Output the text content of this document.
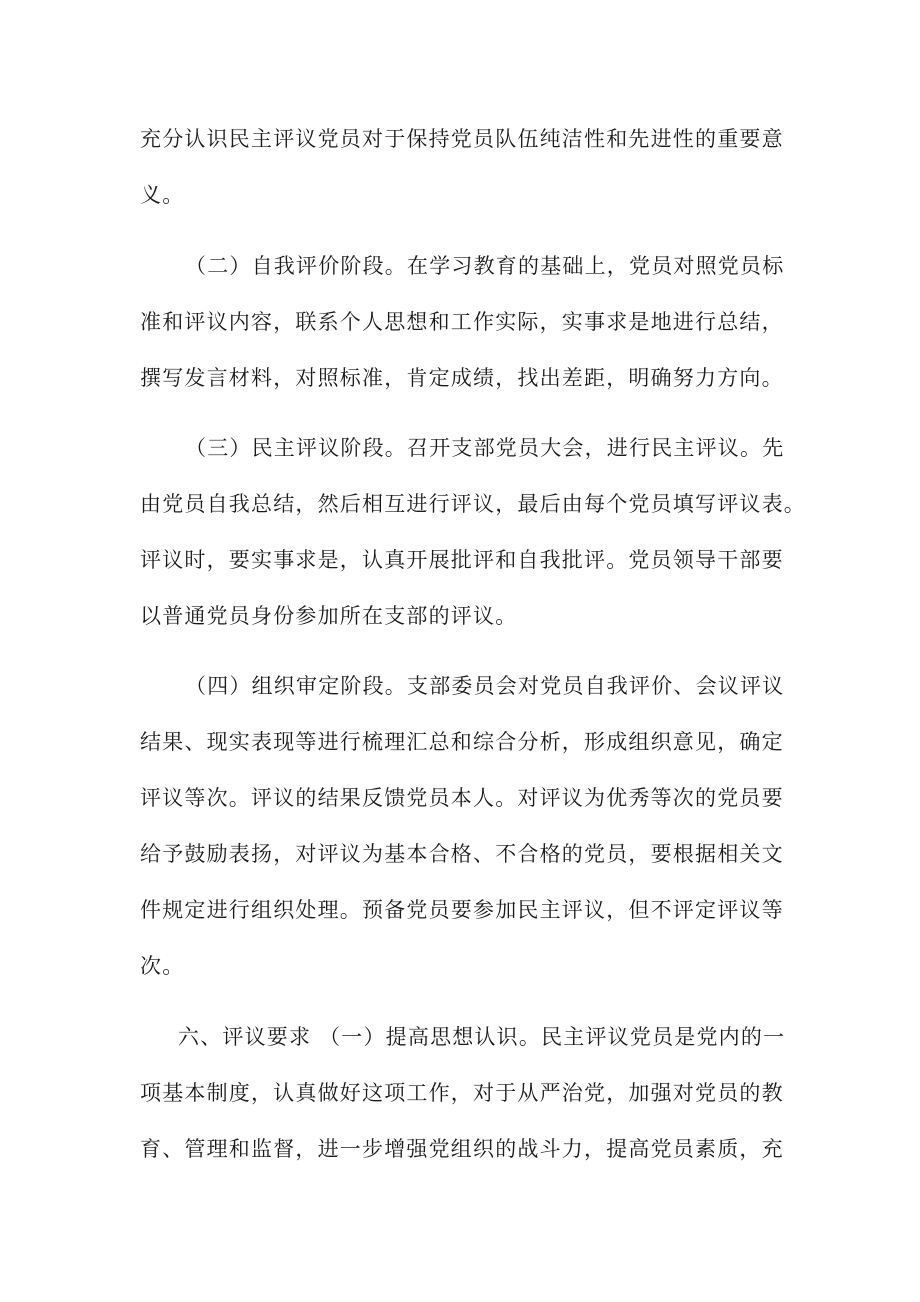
充分认识民主评议党员对于保持党员队伍纯洁性和先进性的重要意

义。

（二）自我评价阶段。在学习教育的基础上，党员对照党员标

准和评议内容，联系个人思想和工作实际，实事求是地进行总结，

撰写发言材料，对照标准，肯定成绩，找出差距，明确努力方向。

（三）民主评议阶段。召开支部党员大会，进行民主评议。先

由党员自我总结，然后相互进行评议，最后由每个党员填写评议表。

评议时，要实事求是，认真开展批评和自我批评。党员领导干部要

以普通党员身份参加所在支部的评议。

（四）组织审定阶段。支部委员会对党员自我评价、会议评议

结果、现实表现等进行梳理汇总和综合分析，形成组织意见，确定

评议等次。评议的结果反馈党员本人。对评议为优秀等次的党员要

给予鼓励表扬，对评议为基本合格、不合格的党员，要根据相关文

件规定进行组织处理。预备党员要参加民主评议，但不评定评议等

次。

六、评议要求 （一）提高思想认识。民主评议党员是党内的一

项基本制度，认真做好这项工作，对于从严治党，加强对党员的教

育、管理和监督，进一步增强党组织的战斗力，提高党员素质，充
